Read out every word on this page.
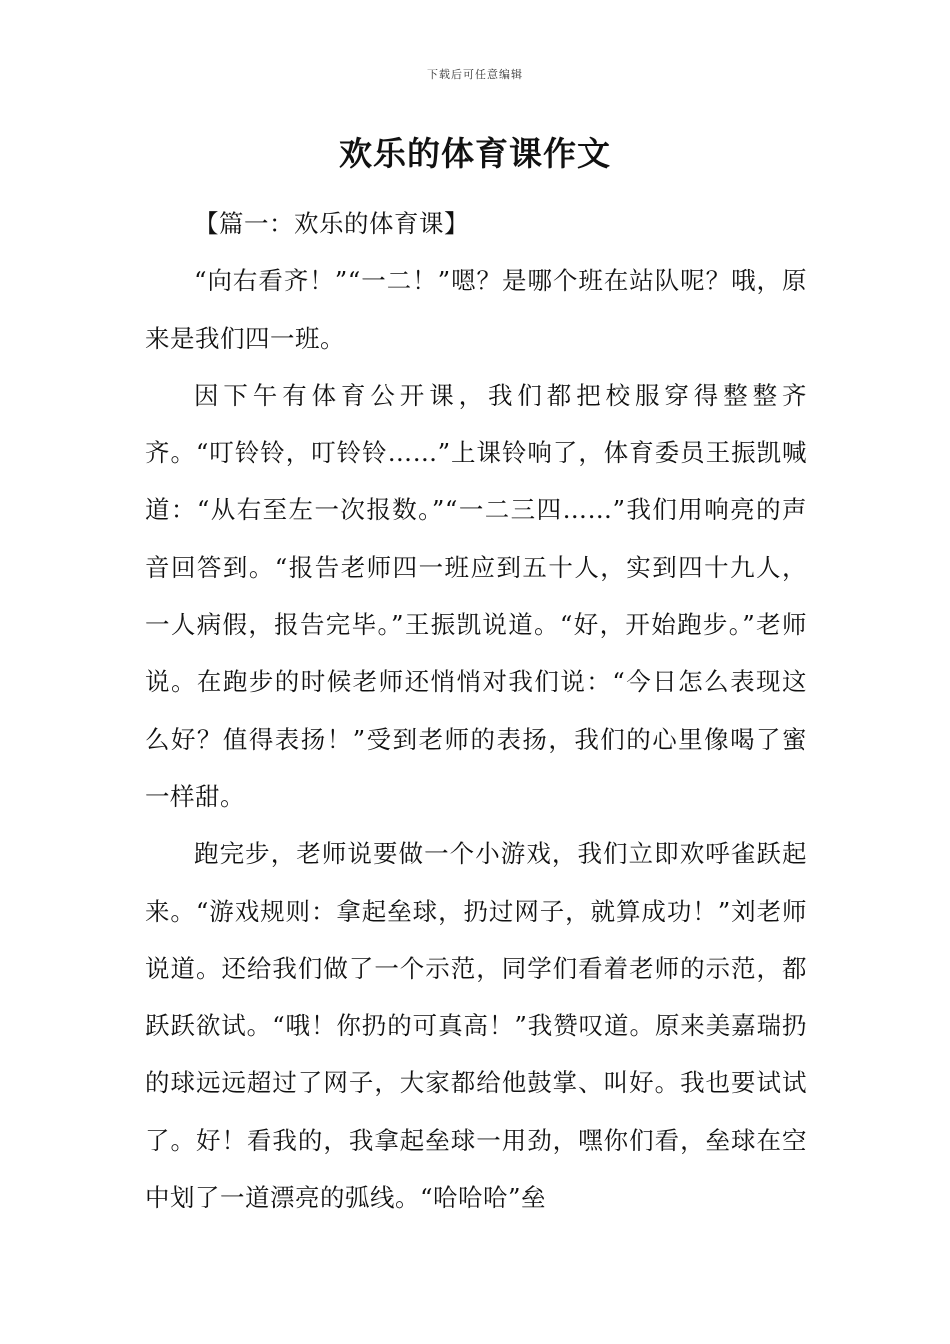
下载后可任意编辑
欢乐的体育课作文

【篇一：欢乐的体育课】

“向右看齐！”“一二！”嗯？是哪个班在站队呢？哦，原来是我们四一班。

因下午有体育公开课，我们都把校服穿得整整齐齐。“叮铃铃，叮铃铃……”上课铃响了，体育委员王振凯喊道：“从右至左一次报数。”“一二三四……”我们用响亮的声音回答到。“报告老师四一班应到五十人，实到四十九人，一人病假，报告完毕。”王振凯说道。“好，开始跑步。”老师说。在跑步的时候老师还悄悄对我们说：“今日怎么表现这么好？值得表扬！”受到老师的表扬，我们的心里像喝了蜜一样甜。

跑完步，老师说要做一个小游戏，我们立即欢呼雀跃起来。“游戏规则：拿起垒球，扔过网子，就算成功！”刘老师说道。还给我们做了一个示范，同学们看着老师的示范，都跃跃欲试。“哦！你扔的可真高！”我赞叹道。原来美嘉瑞扔的球远远超过了网子，大家都给他鼓掌、叫好。我也要试试了。好！看我的，我拿起垒球一用劲，嘿你们看，垒球在空中划了一道漂亮的弧线。“哈哈哈”垒
